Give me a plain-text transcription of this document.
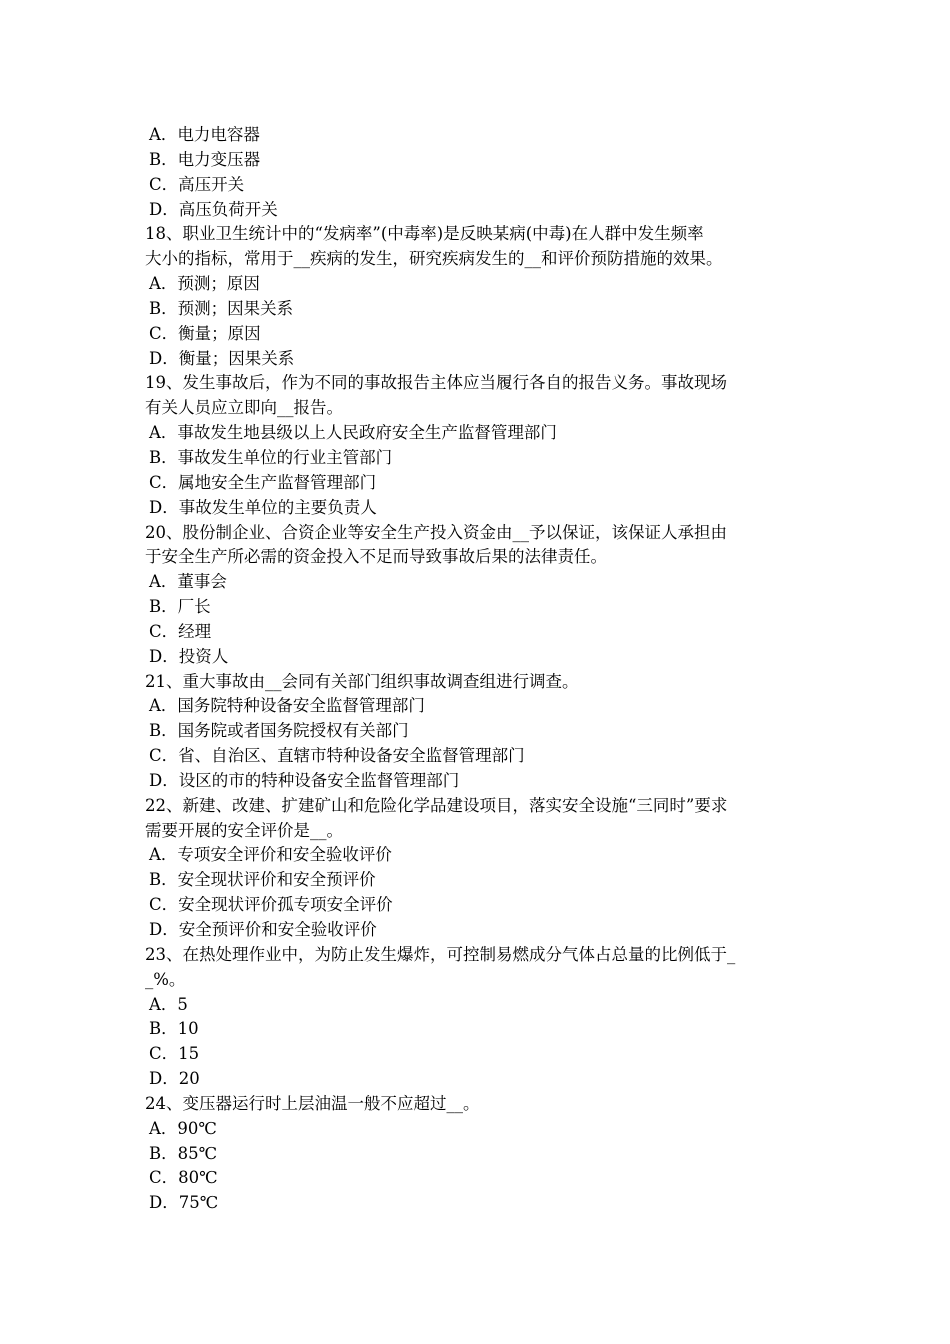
A．电力电容器
B．电力变压器
C．高压开关
D．高压负荷开关
18、职业卫生统计中的“发病率”(中毒率)是反映某病(中毒)在人群中发生频率
大小的指标，常用于__疾病的发生，研究疾病发生的__和评价预防措施的效果。
A．预测；原因
B．预测；因果关系
C．衡量；原因
D．衡量；因果关系
19、发生事故后，作为不同的事故报告主体应当履行各自的报告义务。事故现场
有关人员应立即向__报告。
A．事故发生地县级以上人民政府安全生产监督管理部门
B．事故发生单位的行业主管部门
C．属地安全生产监督管理部门
D．事故发生单位的主要负责人
20、股份制企业、合资企业等安全生产投入资金由__予以保证，该保证人承担由
于安全生产所必需的资金投入不足而导致事故后果的法律责任。
A．董事会
B．厂长
C．经理
D．投资人
21、重大事故由__会同有关部门组织事故调查组进行调查。
A．国务院特种设备安全监督管理部门
B．国务院或者国务院授权有关部门
C．省、自治区、直辖市特种设备安全监督管理部门
D．设区的市的特种设备安全监督管理部门
22、新建、改建、扩建矿山和危险化学品建设项目，落实安全设施“三同时”要求
需要开展的安全评价是__。
A．专项安全评价和安全验收评价
B．安全现状评价和安全预评价
C．安全现状评价孤专项安全评价
D．安全预评价和安全验收评价
23、在热处理作业中，为防止发生爆炸，可控制易燃成分气体占总量的比例低于_
_%。
A．5
B．10
C．15
D．20
24、变压器运行时上层油温一般不应超过__。
A．90℃
B．85℃
C．80℃
D．75℃
